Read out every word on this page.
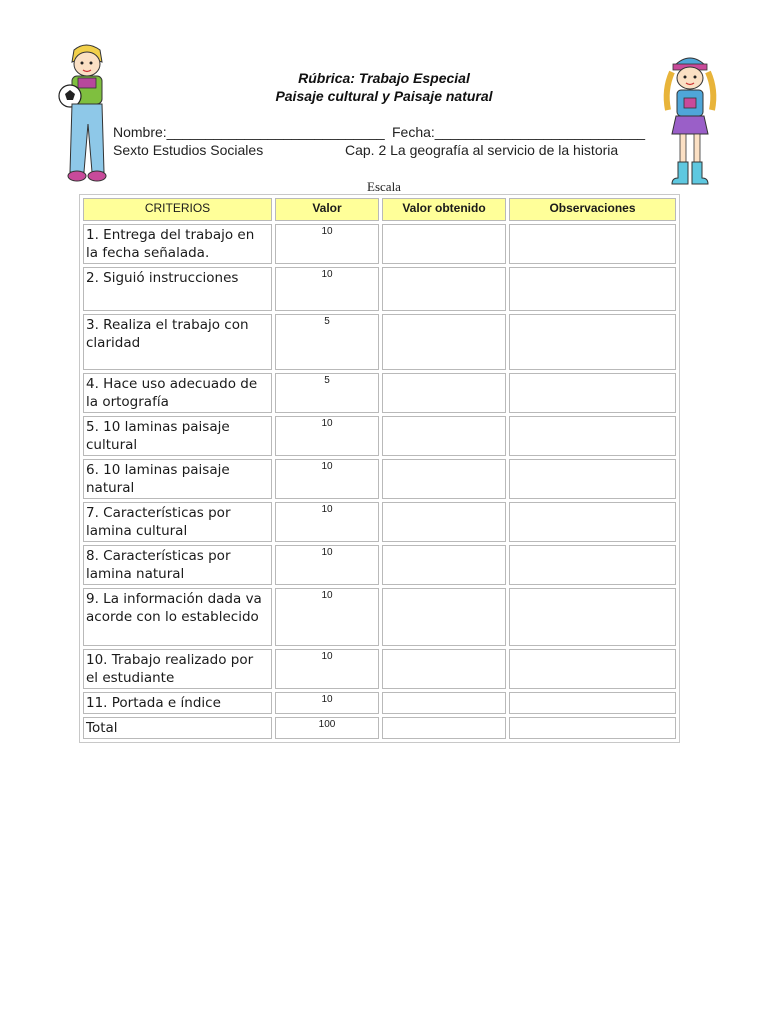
Rúbrica: Trabajo Especial
Paisaje cultural y Paisaje natural
Nombre:____________________________ Fecha:___________________________
Sexto Estudios Sociales	Cap. 2 La geografía al servicio de la historia
Escala
CRITERIOS	Valor	Valor obtenido	Observaciones
1. Entrega del trabajo en la fecha señalada.	10		
2. Siguió instrucciones	10		
3. Realiza el trabajo con claridad	5		
4. Hace uso adecuado de la ortografía	5		
5. 10 laminas paisaje cultural	10		
6. 10 laminas paisaje natural	10		
7. Características por lamina cultural	10		
8. Características por lamina natural	10		
9. La información dada va acorde con lo establecido	10		
10. Trabajo realizado por el estudiante	10		
11. Portada e índice	10		
Total	100		
